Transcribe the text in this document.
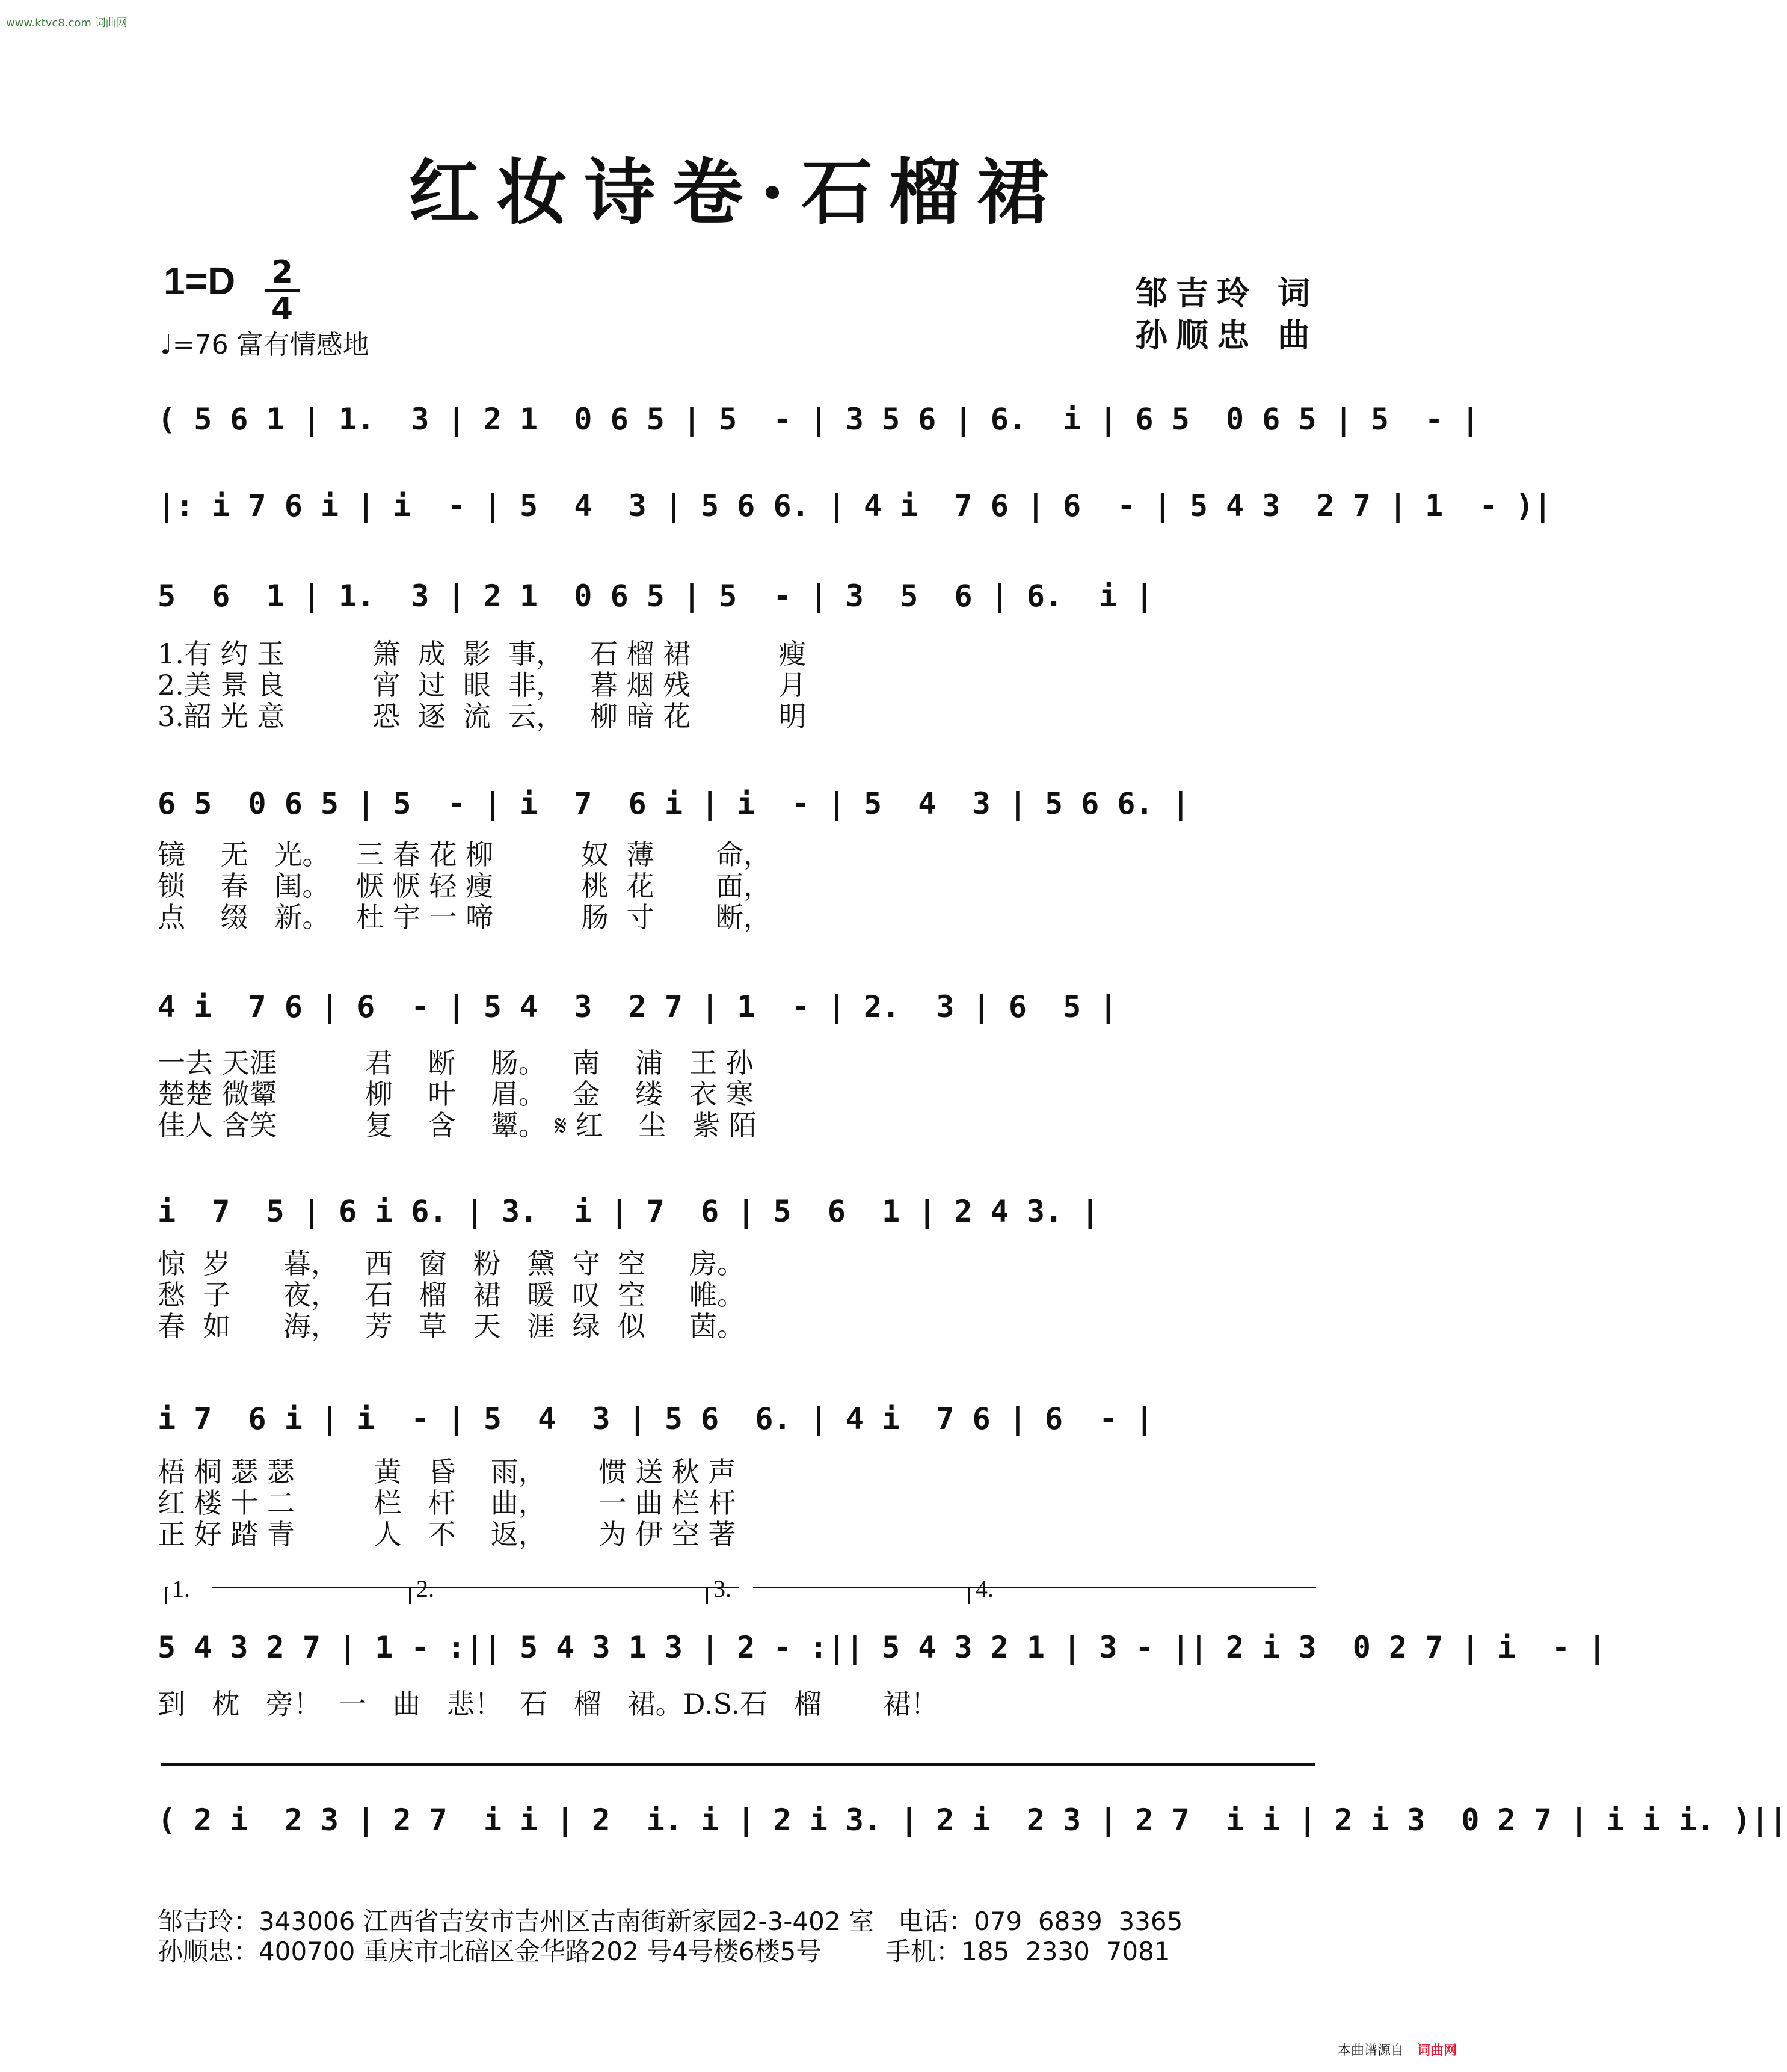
www.ktvc8.com 词曲网
红妆诗卷·石榴裙
1=D 2
4
♩=76 富有情感地
邹吉玲 词
孙顺忠 曲
( 5 6 1 | 1.  3 | 2 1  0 6 5 | 5  - | 3 5 6 | 6.  i | 6 5  0 6 5 | 5  - |
|: i 7 6 i | i  - | 5  4  3 | 5 6 6. | 4 i  7 6 | 6  - | 5 4 3  2 7 | 1  - )|
5  6  1 | 1.  3 | 2 1  0 6 5 | 5  - | 3  5  6 | 6.  i |
1.有 约 玉          箫  成  影  事，   石 榴 裙          瘦
2.美 景 良          宵  过  眼  非，   暮 烟 残          月
3.韶 光 意          恐  逐  流  云，   柳 暗 花          明
6 5  0 6 5 | 5  - | i  7  6 i | i  - | 5  4  3 | 5 6 6. |
镜    无   光。   三 春 花 柳          奴  薄       命，
锁    春   闺。   恹 恹 轻 瘦          桃  花       面，
点    缀   新。   杜 宇 一 啼          肠  寸       断，
4 i  7 6 | 6  - | 5 4  3  2 7 | 1  - | 2.  3 | 6  5 |
一去 天涯          君    断    肠。   南    浦   王 孙
楚楚 微颦          柳    叶    眉。   金    缕   衣 寒
佳人 含笑          复    含    颦。 𝄋 红    尘   紫 陌
i  7  5 | 6 i 6. | 3.  i | 7  6 | 5  6  1 | 2 4 3. |
惊  岁      暮，   西   窗   粉   黛  守  空     房。
愁  子      夜，   石   榴   裙   暖  叹  空     帷。
春  如      海，   芳   草   天   涯  绿  似     茵。
i 7  6 i | i  - | 5  4  3 | 5 6  6. | 4 i  7 6 | 6  - |
梧 桐 瑟 瑟         黄   昏    雨，      惯 送 秋 声
红 楼 十 二         栏   杆    曲，      一 曲 栏 杆
正 好 踏 青         人   不    返，      为 伊 空 著
1.	2.	3.	4.
5 4 3 2 7 | 1 - :|| 5 4 3 1 3 | 2 - :|| 5 4 3 2 1 | 3 - || 2 i 3  0 2 7 | i  - |
到   枕   旁！  一   曲   悲！  石   榴   裙。D.S.石   榴       裙！
( 2 i  2 3 | 2 7  i i | 2  i. i | 2 i 3. | 2 i  2 3 | 2 7  i i | 2 i 3  0 2 7 | i i i. )||
邹吉玲：343006 江西省吉安市吉州区古南街新家园2-3-402 室   电话：079  6839  3365
孙顺忠：400700 重庆市北碚区金华路202 号4号楼6楼5号        手机：185  2330  7081
本曲谱源自 词曲网
